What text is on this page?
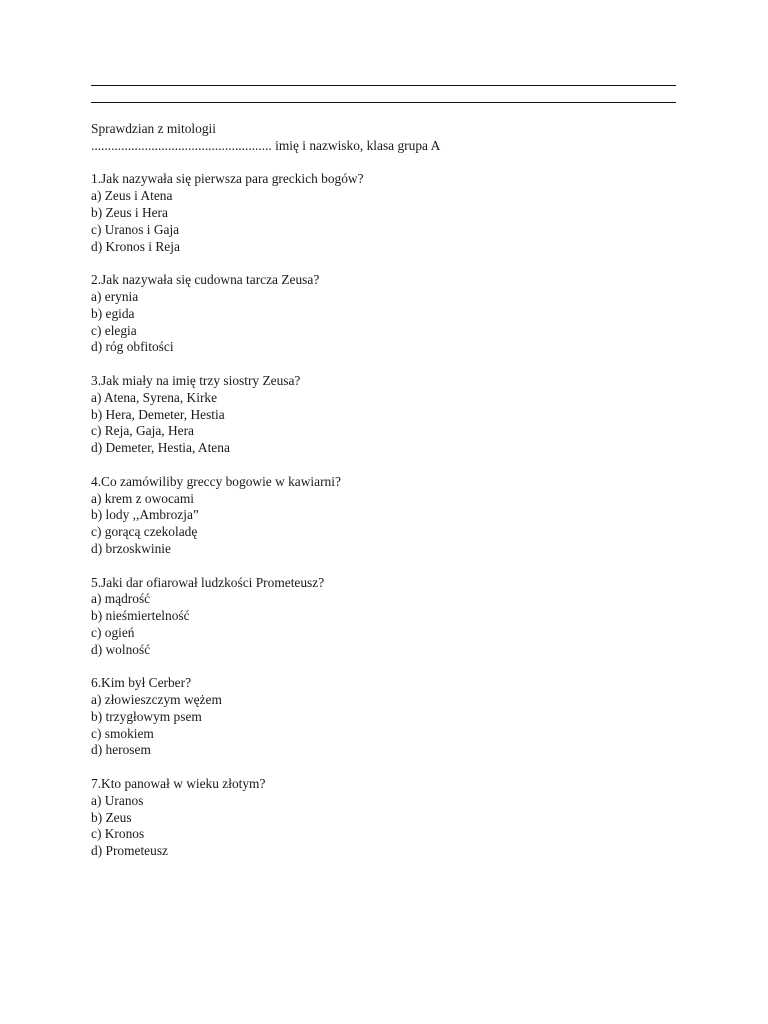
Sprawdzian z mitologii
...................................................... imię i nazwisko, klasa grupa A
1.Jak nazywała się pierwsza para greckich bogów?
a) Zeus i Atena
b) Zeus i Hera
c) Uranos i Gaja
d) Kronos i Reja
2.Jak nazywała się cudowna tarcza Zeusa?
a) erynia
b) egida
c) elegia
d) róg obfitości
3.Jak miały na imię trzy siostry Zeusa?
a) Atena, Syrena, Kirke
b) Hera, Demeter, Hestia
c) Reja, Gaja, Hera
d) Demeter, Hestia, Atena
4.Co zamówiliby greccy bogowie w kawiarni?
a) krem z owocami
b) lody ,,Ambrozja”
c) gorącą czekoladę
d) brzoskwinie
5.Jaki dar ofiarował ludzkości Prometeusz?
a) mądrość
b) nieśmiertelność
c) ogień
d) wolność
6.Kim był Cerber?
a) złowieszczym wężem
b) trzygłowym psem
c) smokiem
d) herosem
7.Kto panował w wieku złotym?
a) Uranos
b) Zeus
c) Kronos
d) Prometeusz
